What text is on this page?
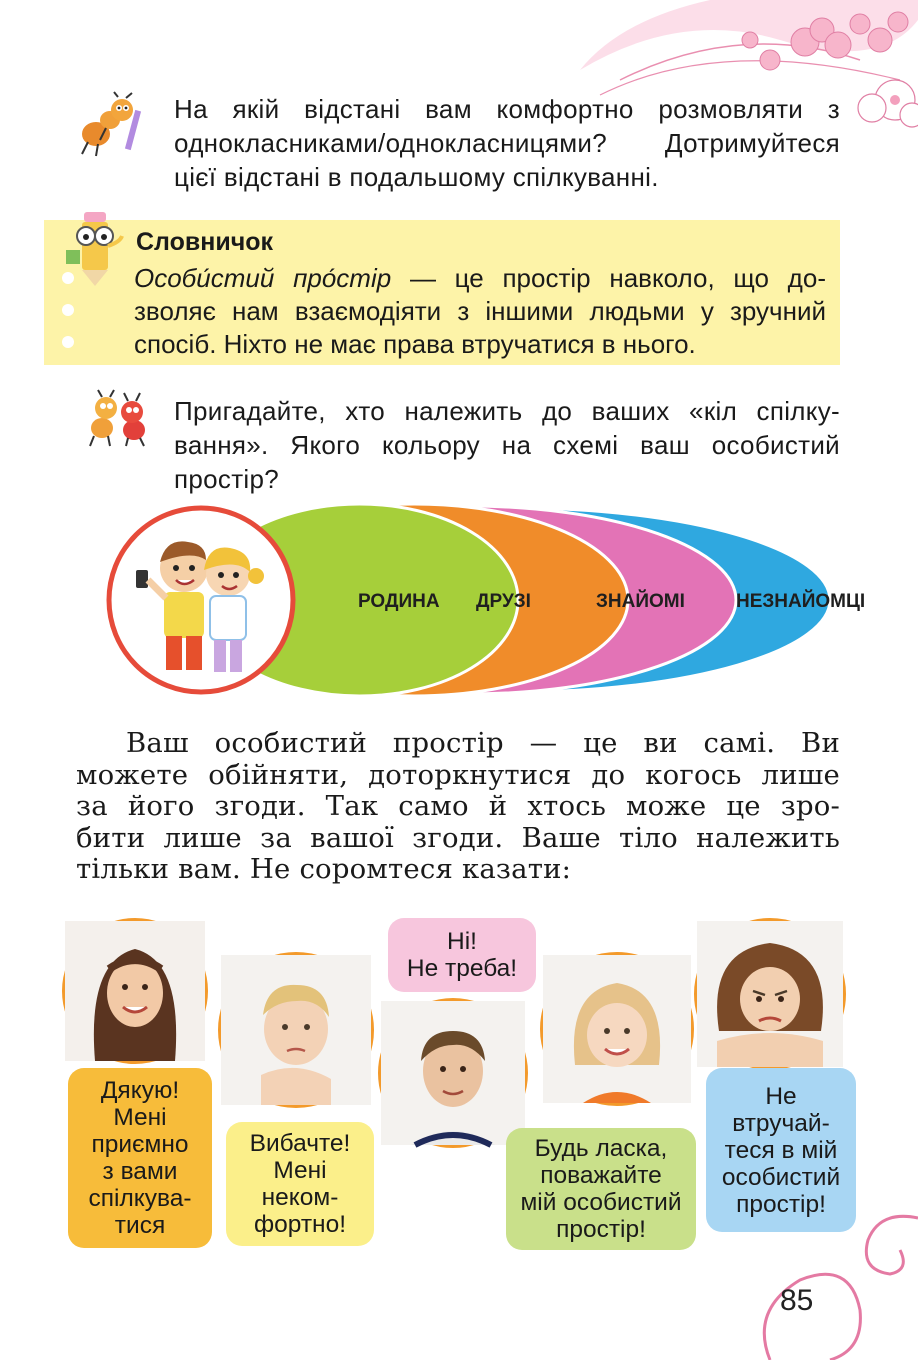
На якій відстані вам комфортно розмовляти з
однокласниками/однокласницями? Дотримуйтеся
цієї відстані в подальшому спілкуванні.
Словничок
Особи́стий про́стір — це простір навколо, що до-
зволяє нам взаємодіяти з іншими людьми у зручний
спосіб. Ніхто не має права втручатися в нього.
Пригадайте, хто належить до ваших «кіл спілку-
вання». Якого кольору на схемі ваш особистий
простір?
НЕЗНАЙОМЦІ
ЗНАЙОМІ
ДРУЗІ
РОДИНА

Ваш особистий простір — це ви самі. Ви

можете обійняти, доторкнутися до когось лише

за його згоди. Так само й хтось може це зро-

бити лише за вашої згоди. Ваше тіло належить

тільки вам. Не соромтеся казати:

Дякую!
Мені
приємно
з вами
спілкува-
тися
Вибачте!
Мені
неком-
фортно!
Ні!
Не треба!
Будь ласка,
поважайте
мій особистий
простір!
Не
втручай-
теся в мій
особистий
простір!
85
